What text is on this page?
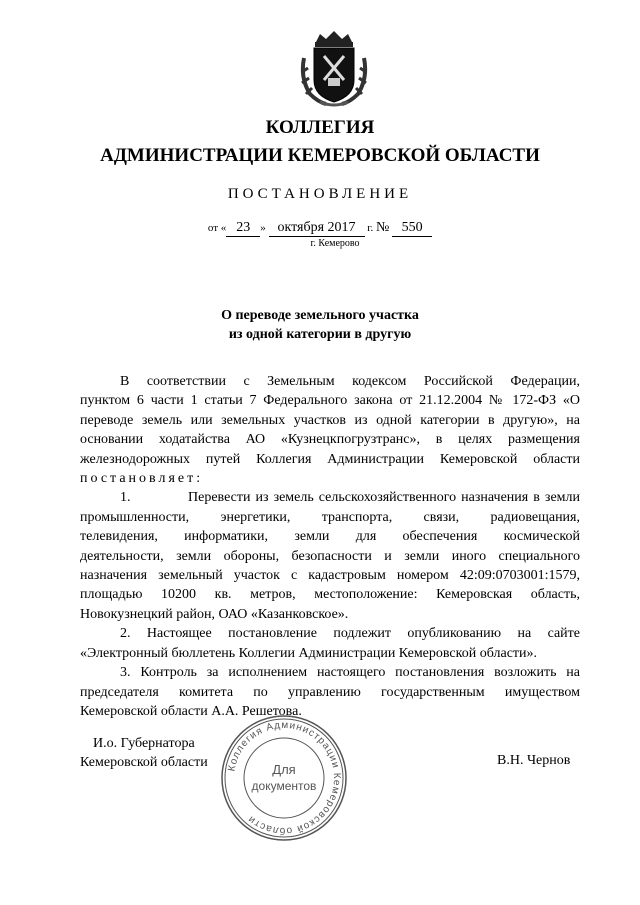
КОЛЛЕГИЯ
АДМИНИСТРАЦИИ КЕМЕРОВСКОЙ ОБЛАСТИ
ПОСТАНОВЛЕНИЕ
от « 23 » октября 2017 г. № 550
г. Кемерово
О переводе земельного участка
из одной категории в другую

В соответствии с Земельным кодексом Российской Федерации,

пунктом 6 части 1 статьи 7 Федерального закона от 21.12.2004 № 172-ФЗ «О

переводе земель или земельных участков из одной категории в другую», на

основании ходатайства АО «Кузнецкпогрузтранс», в целях размещения

железнодорожных путей Коллегия Администрации Кемеровской области

постановляет:

1.	Перевести из земель сельскохозяйственного назначения в земли

промышленности, энергетики, транспорта, связи, радиовещания,

телевидения, информатики, земли для обеспечения космической

деятельности, земли обороны, безопасности и земли иного специального

назначения земельный участок с кадастровым номером 42:09:0703001:1579,

площадью 10200 кв. метров, местоположение: Кемеровская область,

Новокузнецкий район, ОАО «Казанковское».

2. Настоящее постановление подлежит опубликованию на сайте

«Электронный бюллетень Коллегии Администрации Кемеровской области».

3. Контроль за исполнением настоящего постановления возложить на

председателя комитета по управлению государственным имуществом

Кемеровской области А.А. Решетова.

И.о. Губернатора
Кемеровской области	В.Н. Чернов
Коллегия Администрации Кемеровской области
Для
документов
